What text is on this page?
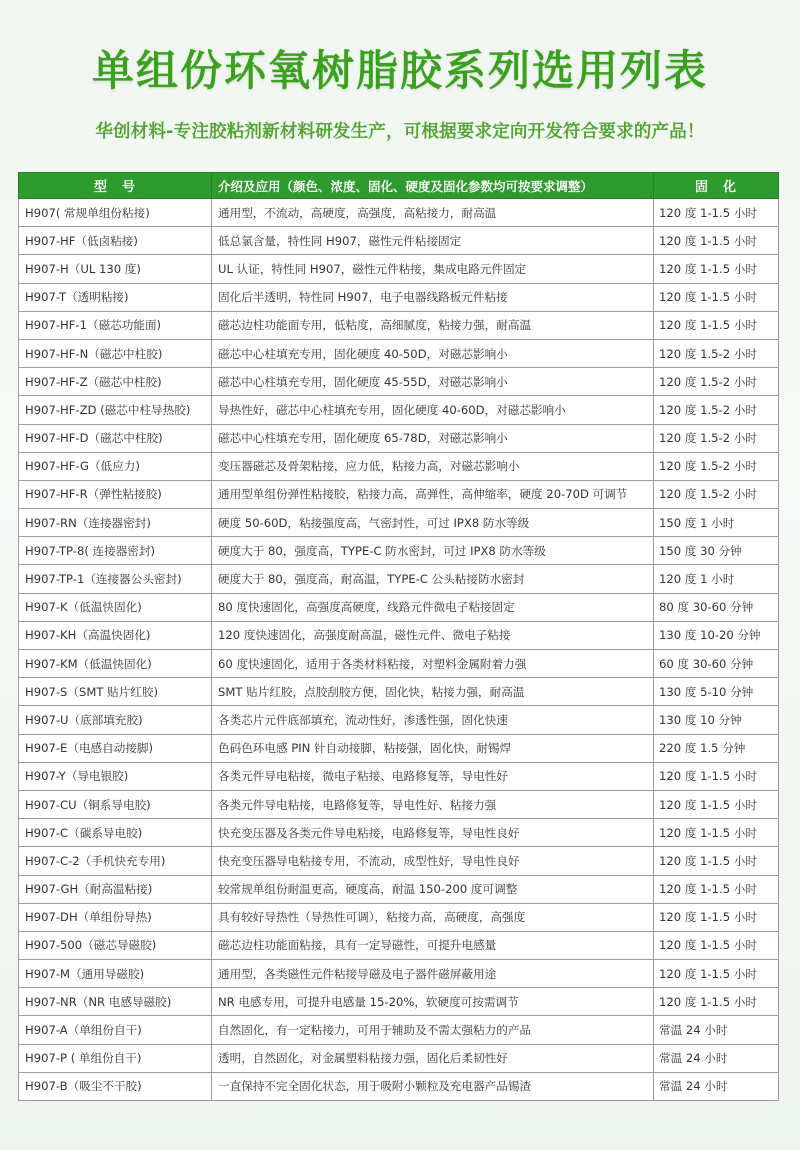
单组份环氧树脂胶系列选用列表
华创材料-专注胶粘剂新材料研发生产，可根据要求定向开发符合要求的产品！
型　号	介绍及应用（颜色、浓度、固化、硬度及固化参数均可按要求调整）	固　化
H907( 常规单组份粘接)	通用型，不流动，高硬度，高强度，高粘接力，耐高温	120 度 1-1.5 小时
H907-HF（低卤粘接)	低总氯含量，特性同 H907，磁性元件粘接固定	120 度 1-1.5 小时
H907-H（UL 130 度)	UL 认证，特性同 H907，磁性元件粘接，集成电路元件固定	120 度 1-1.5 小时
H907-T（透明粘接)	固化后半透明，特性同 H907，电子电器线路板元件粘接	120 度 1-1.5 小时
H907-HF-1（磁芯功能面)	磁芯边柱功能面专用，低粘度，高细腻度，粘接力强，耐高温	120 度 1-1.5 小时
H907-HF-N（磁芯中柱胶)	磁芯中心柱填充专用，固化硬度 40-50D，对磁芯影响小	120 度 1.5-2 小时
H907-HF-Z（磁芯中柱胶)	磁芯中心柱填充专用，固化硬度 45-55D，对磁芯影响小	120 度 1.5-2 小时
H907-HF-ZD (磁芯中柱导热胶)	导热性好，磁芯中心柱填充专用，固化硬度 40-60D，对磁芯影响小	120 度 1.5-2 小时
H907-HF-D（磁芯中柱胶)	磁芯中心柱填充专用，固化硬度 65-78D，对磁芯影响小	120 度 1.5-2 小时
H907-HF-G（低应力)	变压器磁芯及骨架粘接，应力低，粘接力高，对磁芯影响小	120 度 1.5-2 小时
H907-HF-R（弹性粘接胶)	通用型单组份弹性粘接胶，粘接力高，高弹性，高伸缩率，硬度 20-70D 可调节	120 度 1.5-2 小时
H907-RN（连接器密封)	硬度 50-60D，粘接强度高，气密封性，可过 IPX8 防水等级	150 度 1 小时
H907-TP-8( 连接器密封)	硬度大于 80，强度高，TYPE-C 防水密封，可过 IPX8 防水等级	150 度 30 分钟
H907-TP-1（连接器公头密封)	硬度大于 80，强度高，耐高温，TYPE-C 公头粘接防水密封	120 度 1 小时
H907-K（低温快固化)	80 度快速固化，高强度高硬度，线路元件微电子粘接固定	80 度 30-60 分钟
H907-KH（高温快固化)	120 度快速固化，高强度耐高温，磁性元件、微电子粘接	130 度 10-20 分钟
H907-KM（低温快固化)	60 度快速固化，适用于各类材料粘接，对塑料金属附着力强	60 度 30-60 分钟
H907-S（SMT 贴片红胶)	SMT 贴片红胶，点胶刮胶方便，固化快，粘接力强，耐高温	130 度 5-10 分钟
H907-U（底部填充胶)	各类芯片元件底部填充，流动性好，渗透性强，固化快速	130 度 10 分钟
H907-E（电感自动接脚)	色码色环电感 PIN 针自动接脚，粘接强，固化快，耐锡焊	220 度 1.5 分钟
H907-Y（导电银胶)	各类元件导电粘接，微电子粘接、电路修复等，导电性好	120 度 1-1.5 小时
H907-CU（铜系导电胶)	各类元件导电粘接，电路修复等，导电性好、粘接力强	120 度 1-1.5 小时
H907-C（碳系导电胶)	快充变压器及各类元件导电粘接，电路修复等，导电性良好	120 度 1-1.5 小时
H907-C-2（手机快充专用)	快充变压器导电粘接专用，不流动，成型性好，导电性良好	120 度 1-1.5 小时
H907-GH（耐高温粘接)	较常规单组份耐温更高，硬度高，耐温 150-200 度可调整	120 度 1-1.5 小时
H907-DH（单组份导热)	具有较好导热性（导热性可调），粘接力高，高硬度，高强度	120 度 1-1.5 小时
H907-500（磁芯导磁胶)	磁芯边柱功能面粘接，具有一定导磁性，可提升电感量	120 度 1-1.5 小时
H907-M（通用导磁胶)	通用型，各类磁性元件粘接导磁及电子器件磁屏蔽用途	120 度 1-1.5 小时
H907-NR（NR 电感导磁胶)	NR 电感专用，可提升电感量 15-20%，软硬度可按需调节	120 度 1-1.5 小时
H907-A（单组份自干)	自然固化，有一定粘接力，可用于辅助及不需太强粘力的产品	常温 24 小时
H907-P ( 单组份自干)	透明，自然固化，对金属塑料粘接力强，固化后柔韧性好	常温 24 小时
H907-B（吸尘不干胶)	一直保持不完全固化状态，用于吸附小颗粒及充电器产品锡渣	常温 24 小时
